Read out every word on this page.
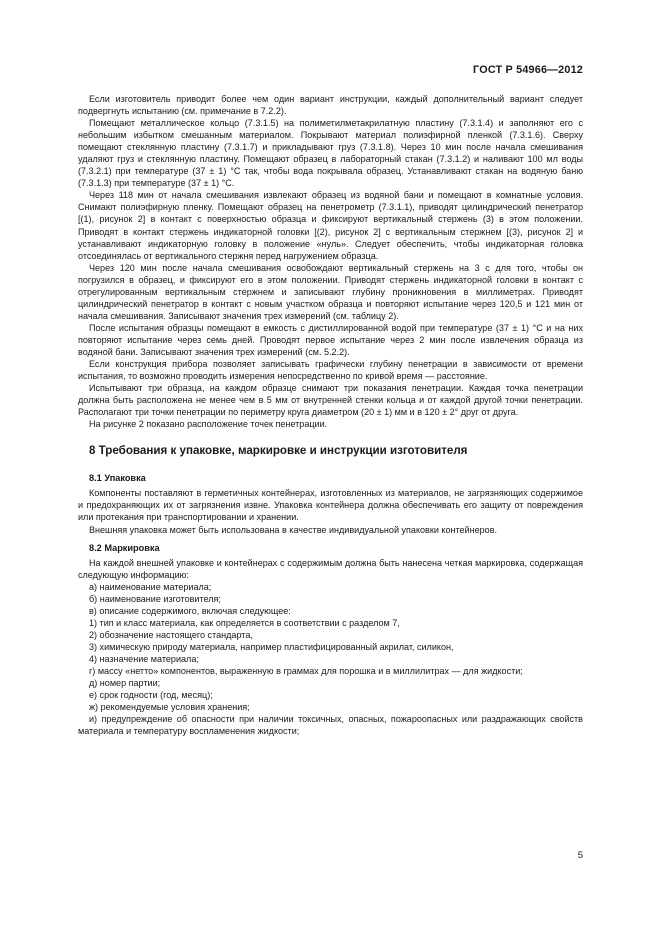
ГОСТ Р 54966—2012

Если изготовитель приводит более чем один вариант инструкции, каждый дополнительный вариант следует подвергнуть испытанию (см. примечание в 7.2.2).

Помещают металлическое кольцо (7.3.1.5) на полиметилметакрилатную пластину (7.3.1.4) и заполняют его с небольшим избытком смешанным материалом. Покрывают материал полиэфирной пленкой (7.3.1.6). Сверху помещают стеклянную пластину (7.3.1.7) и прикладывают груз (7.3.1.8). Через 10 мин после начала смешивания удаляют груз и стеклянную пластину. Помещают образец в лабораторный стакан (7.3.1.2) и наливают 100 мл воды (7.3.2.1) при температуре (37 ± 1) °С так, чтобы вода покрывала образец. Устанавливают стакан на водяную баню (7.3.1.3) при температуре (37 ± 1) °С.

Через 118 мин от начала смешивания извлекают образец из водяной бани и помещают в комнатные условия. Снимают полиэфирную пленку. Помещают образец на пенетрометр (7.3.1.1), приводят цилиндрический пенетратор [(1), рисунок 2] в контакт с поверхностью образца и фиксируют вертикальный стержень (3) в этом положении. Приводят в контакт стержень индикаторной головки [(2), рисунок 2] с вертикальным стержнем [(3), рисунок 2] и устанавливают индикаторную головку в положение «нуль». Следует обеспечить, чтобы индикаторная головка отсоединялась от вертикального стержня перед нагружением образца.

Через 120 мин после начала смешивания освобождают вертикальный стержень на 3 с для того, чтобы он погрузился в образец, и фиксируют его в этом положении. Приводят стержень индикаторной головки в контакт с отрегулированным вертикальным стержнем и записывают глубину проникновения в миллиметрах. Приводят цилиндрический пенетратор в контакт с новым участком образца и повторяют испытание через 120,5 и 121 мин от начала смешивания. Записывают значения трех измерений (см. таблицу 2).

После испытания образцы помещают в емкость с дистиллированной водой при температуре (37 ± 1) °С и на них повторяют испытание через семь дней. Проводят первое испытание через 2 мин после извлечения образца из водяной бани. Записывают значения трех измерений (см. 5.2.2).

Если конструкция прибора позволяет записывать графически глубину пенетрации в зависимости от времени испытания, то возможно проводить измерения непосредственно по кривой время — расстояние.

Испытывают три образца, на каждом образце снимают три показания пенетрации. Каждая точка пенетрации должна быть расположена не менее чем в 5 мм от внутренней стенки кольца и от каждой другой точки пенетрации. Располагают три точки пенетрации по периметру круга диаметром (20 ± 1) мм и в 120 ± 2° друг от друга.

На рисунке 2 показано расположение точек пенетрации.

8 Требования к упаковке, маркировке и инструкции изготовителя

8.1 Упаковка

Компоненты поставляют в герметичных контейнерах, изготовленных из материалов, не загрязняющих содержимое и предохраняющих их от загрязнения извне. Упаковка контейнера должна обеспечивать его защиту от повреждения или протекания при транспортировании и хранении.

Внешняя упаковка может быть использована в качестве индивидуальной упаковки контейнеров.

8.2 Маркировка

На каждой внешней упаковке и контейнерах с содержимым должна быть нанесена четкая маркировка, содержащая следующую информацию:

а) наименование материала;

б) наименование изготовителя;

в) описание содержимого, включая следующее:

1) тип и класс материала, как определяется в соответствии с разделом 7,

2) обозначение настоящего стандарта,

3) химическую природу материала, например пластифицированный акрилат, силикон,

4) назначение материала;

г) массу «нетто» компонентов, выраженную в граммах для порошка и в миллилитрах — для жидкости;

д) номер партии;

е) срок годности (год, месяц);

ж) рекомендуемые условия хранения;

и) предупреждение об опасности при наличии токсичных, опасных, пожароопасных или раздражающих свойств материала и температуру воспламенения жидкости;

5
